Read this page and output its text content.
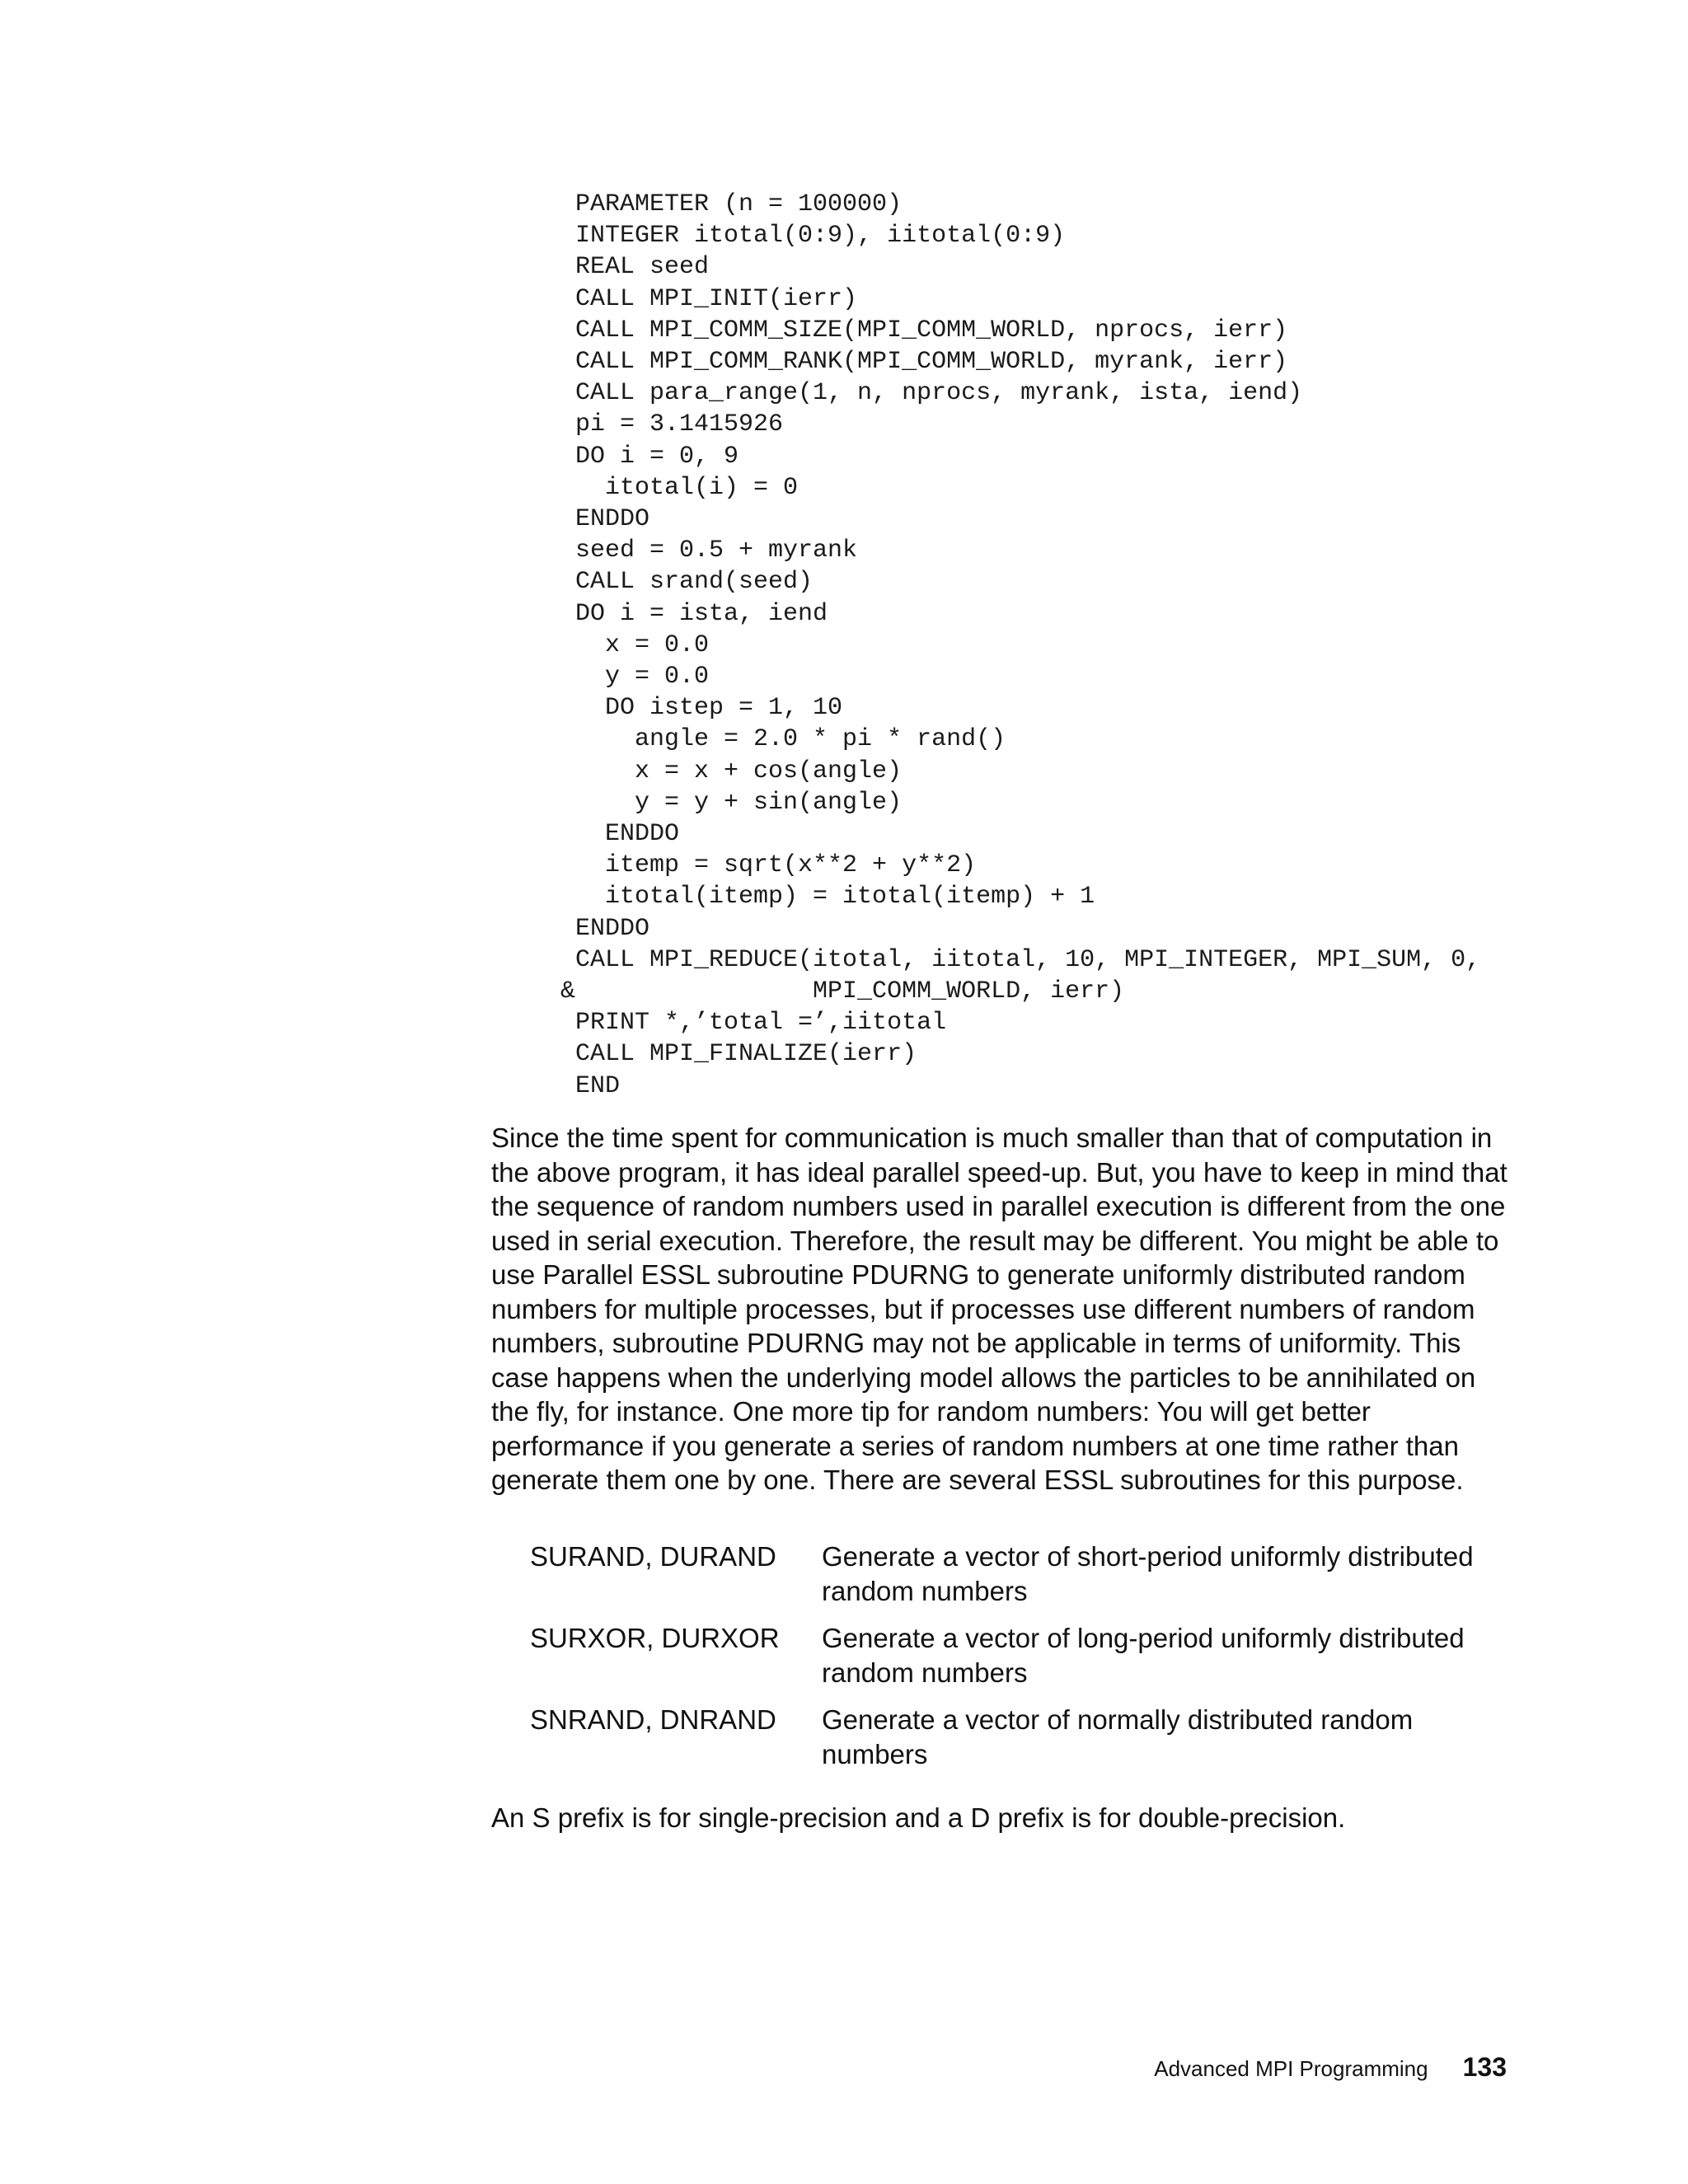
PARAMETER (n = 100000)
INTEGER itotal(0:9), iitotal(0:9)
REAL seed
CALL MPI_INIT(ierr)
CALL MPI_COMM_SIZE(MPI_COMM_WORLD, nprocs, ierr)
CALL MPI_COMM_RANK(MPI_COMM_WORLD, myrank, ierr)
CALL para_range(1, n, nprocs, myrank, ista, iend)
pi = 3.1415926
DO i = 0, 9
itotal(i) = 0
ENDDO
seed = 0.5 + myrank
CALL srand(seed)
DO i = ista, iend
x = 0.0
y = 0.0
DO istep = 1, 10
angle = 2.0 * pi * rand()
x = x + cos(angle)
y = y + sin(angle)
ENDDO
itemp = sqrt(x**2 + y**2)
itotal(itemp) = itotal(itemp) + 1
ENDDO
CALL MPI_REDUCE(itotal, iitotal, 10, MPI_INTEGER, MPI_SUM, 0,
&                MPI_COMM_WORLD, ierr)
PRINT *,’total =’,iitotal
CALL MPI_FINALIZE(ierr)
END

Since the time spent for communication is much smaller than that of computation in the above program, it has ideal parallel speed-up. But, you have to keep in mind that the sequence of random numbers used in parallel execution is different from the one used in serial execution. Therefore, the result may be different. You might be able to use Parallel ESSL subroutine PDURNG to generate uniformly distributed random numbers for multiple processes, but if processes use different numbers of random numbers, subroutine PDURNG may not be applicable in terms of uniformity. This case happens when the underlying model allows the particles to be annihilated on the fly, for instance. One more tip for random numbers: You will get better performance if you generate a series of random numbers at one time rather than generate them one by one. There are several ESSL subroutines for this purpose.

SURAND, DURAND	Generate a vector of short-period uniformly distributed random numbers
SURXOR, DURXOR	Generate a vector of long-period uniformly distributed random numbers
SNRAND, DNRAND	Generate a vector of normally distributed random numbers

An S prefix is for single-precision and a D prefix is for double-precision.

Advanced MPI Programming 133
